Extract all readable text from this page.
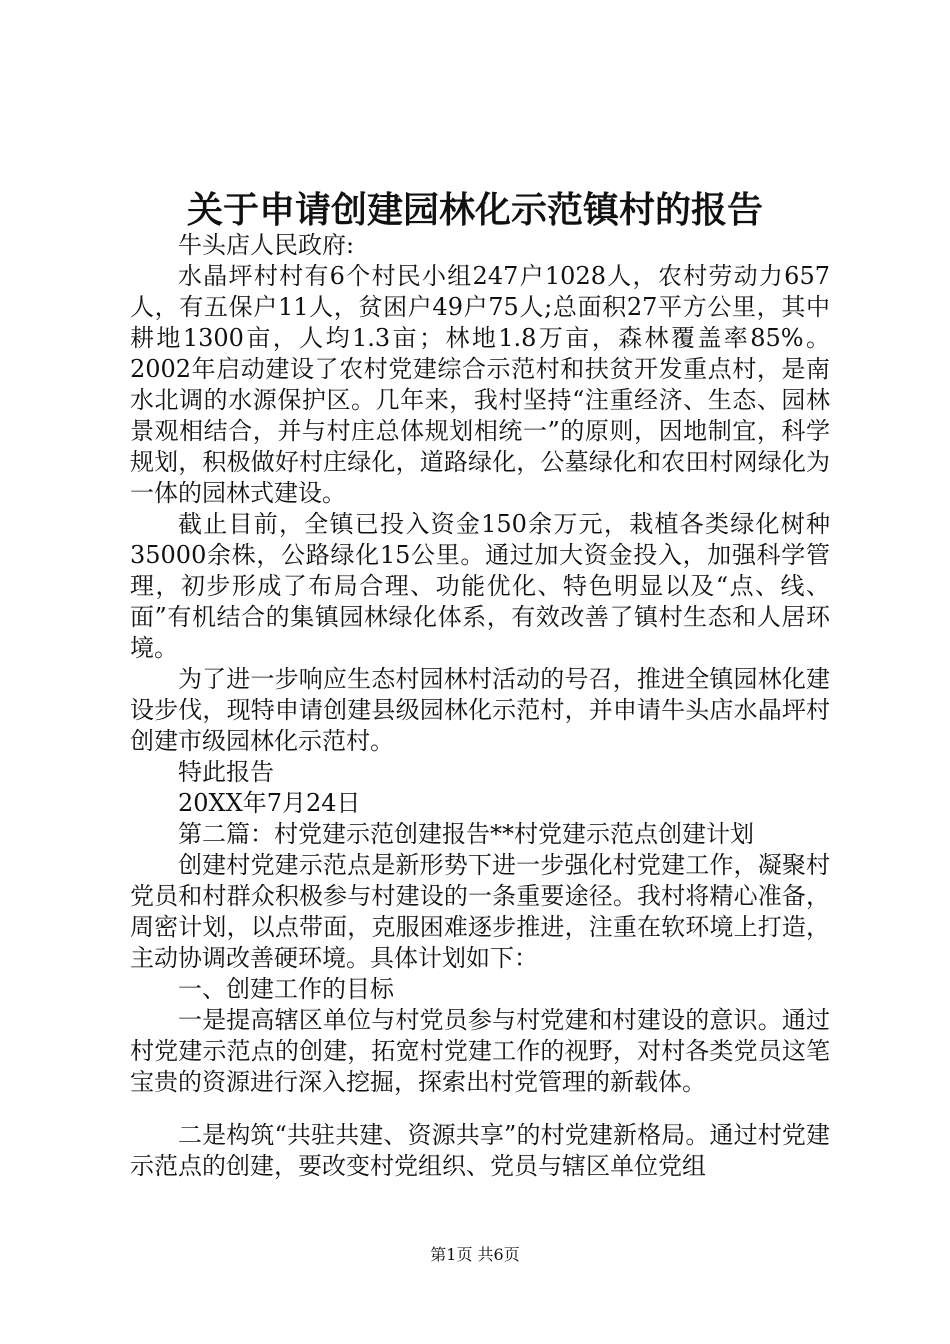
关于申请创建园林化示范镇村的报告

牛头店人民政府:

水晶坪村村有6个村民小组247户1028人，农村劳动力657人，有五保户11人，贫困户49户75人;总面积27平方公里，其中耕地1300亩，人均1.3亩；林地1.8万亩，森林覆盖率85%。2002年启动建设了农村党建综合示范村和扶贫开发重点村，是南水北调的水源保护区。几年来，我村坚持“注重经济、生态、园林景观相结合，并与村庄总体规划相统一”的原则，因地制宜，科学规划，积极做好村庄绿化，道路绿化，公墓绿化和农田村网绿化为一体的园林式建设。

截止目前，全镇已投入资金150余万元，栽植各类绿化树种35000余株，公路绿化15公里。通过加大资金投入，加强科学管理，初步形成了布局合理、功能优化、特色明显以及“点、线、面”有机结合的集镇园林绿化体系，有效改善了镇村生态和人居环境。

为了进一步响应生态村园林村活动的号召，推进全镇园林化建设步伐，现特申请创建县级园林化示范村，并申请牛头店水晶坪村创建市级园林化示范村。

特此报告

20XX年7月24日

第二篇：村党建示范创建报告**村党建示范点创建计划

创建村党建示范点是新形势下进一步强化村党建工作，凝聚村党员和村群众积极参与村建设的一条重要途径。我村将精心准备，周密计划，以点带面，克服困难逐步推进，注重在软环境上打造，主动协调改善硬环境。具体计划如下：

一、创建工作的目标

一是提高辖区单位与村党员参与村党建和村建设的意识。通过村党建示范点的创建，拓宽村党建工作的视野，对村各类党员这笔宝贵的资源进行深入挖掘，探索出村党管理的新载体。

二是构筑“共驻共建、资源共享”的村党建新格局。通过村党建示范点的创建，要改变村党组织、党员与辖区单位党组

第1页 共6页
